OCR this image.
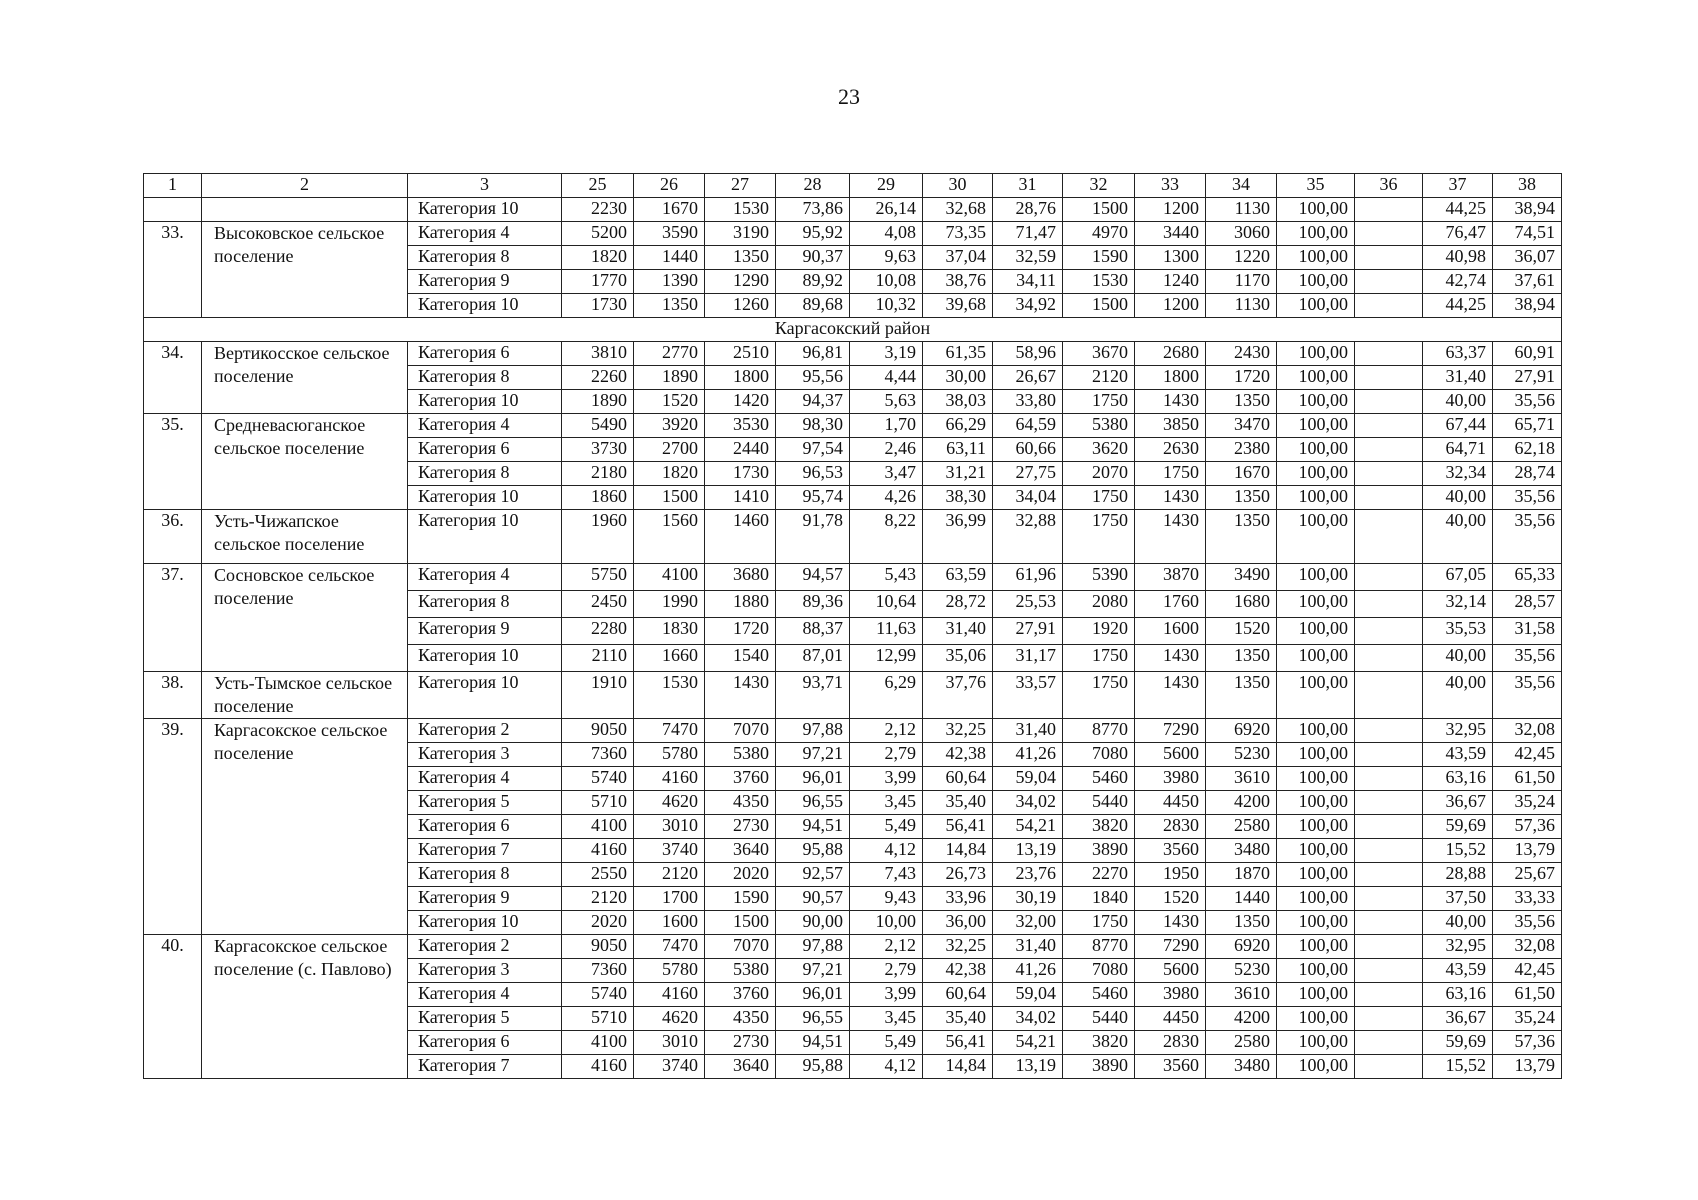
23
1	2	3	25	26	27	28	29	30	31	32	33	34	35	36	37	38
		Категория 10	2230	1670	1530	73,86	26,14	32,68	28,76	1500	1200	1130	100,00		44,25	38,94
33.	Высоковское сельское поселение	Категория 4	5200	3590	3190	95,92	4,08	73,35	71,47	4970	3440	3060	100,00		76,47	74,51
		Категория 8	1820	1440	1350	90,37	9,63	37,04	32,59	1590	1300	1220	100,00		40,98	36,07
		Категория 9	1770	1390	1290	89,92	10,08	38,76	34,11	1530	1240	1170	100,00		42,74	37,61
		Категория 10	1730	1350	1260	89,68	10,32	39,68	34,92	1500	1200	1130	100,00		44,25	38,94
Каргасокский район																
34.	Вертикосское сельское поселение	Категория 6	3810	2770	2510	96,81	3,19	61,35	58,96	3670	2680	2430	100,00		63,37	60,91
		Категория 8	2260	1890	1800	95,56	4,44	30,00	26,67	2120	1800	1720	100,00		31,40	27,91
		Категория 10	1890	1520	1420	94,37	5,63	38,03	33,80	1750	1430	1350	100,00		40,00	35,56
35.	Средневасюганское сельское поселение	Категория 4	5490	3920	3530	98,30	1,70	66,29	64,59	5380	3850	3470	100,00		67,44	65,71
		Категория 6	3730	2700	2440	97,54	2,46	63,11	60,66	3620	2630	2380	100,00		64,71	62,18
		Категория 8	2180	1820	1730	96,53	3,47	31,21	27,75	2070	1750	1670	100,00		32,34	28,74
		Категория 10	1860	1500	1410	95,74	4,26	38,30	34,04	1750	1430	1350	100,00		40,00	35,56
36.	Усть-Чижапское сельское поселение	Категория 10	1960	1560	1460	91,78	8,22	36,99	32,88	1750	1430	1350	100,00		40,00	35,56
37.	Сосновское сельское поселение	Категория 4	5750	4100	3680	94,57	5,43	63,59	61,96	5390	3870	3490	100,00		67,05	65,33
		Категория 8	2450	1990	1880	89,36	10,64	28,72	25,53	2080	1760	1680	100,00		32,14	28,57
		Категория 9	2280	1830	1720	88,37	11,63	31,40	27,91	1920	1600	1520	100,00		35,53	31,58
		Категория 10	2110	1660	1540	87,01	12,99	35,06	31,17	1750	1430	1350	100,00		40,00	35,56
38.	Усть-Тымское сельское поселение	Категория 10	1910	1530	1430	93,71	6,29	37,76	33,57	1750	1430	1350	100,00		40,00	35,56
39.	Каргасокское сельское поселение	Категория 2	9050	7470	7070	97,88	2,12	32,25	31,40	8770	7290	6920	100,00		32,95	32,08
		Категория 3	7360	5780	5380	97,21	2,79	42,38	41,26	7080	5600	5230	100,00		43,59	42,45
		Категория 4	5740	4160	3760	96,01	3,99	60,64	59,04	5460	3980	3610	100,00		63,16	61,50
		Категория 5	5710	4620	4350	96,55	3,45	35,40	34,02	5440	4450	4200	100,00		36,67	35,24
		Категория 6	4100	3010	2730	94,51	5,49	56,41	54,21	3820	2830	2580	100,00		59,69	57,36
		Категория 7	4160	3740	3640	95,88	4,12	14,84	13,19	3890	3560	3480	100,00		15,52	13,79
		Категория 8	2550	2120	2020	92,57	7,43	26,73	23,76	2270	1950	1870	100,00		28,88	25,67
		Категория 9	2120	1700	1590	90,57	9,43	33,96	30,19	1840	1520	1440	100,00		37,50	33,33
		Категория 10	2020	1600	1500	90,00	10,00	36,00	32,00	1750	1430	1350	100,00		40,00	35,56
40.	Каргасокское сельское поселение (с. Павлово)	Категория 2	9050	7470	7070	97,88	2,12	32,25	31,40	8770	7290	6920	100,00		32,95	32,08
		Категория 3	7360	5780	5380	97,21	2,79	42,38	41,26	7080	5600	5230	100,00		43,59	42,45
		Категория 4	5740	4160	3760	96,01	3,99	60,64	59,04	5460	3980	3610	100,00		63,16	61,50
		Категория 5	5710	4620	4350	96,55	3,45	35,40	34,02	5440	4450	4200	100,00		36,67	35,24
		Категория 6	4100	3010	2730	94,51	5,49	56,41	54,21	3820	2830	2580	100,00		59,69	57,36
		Категория 7	4160	3740	3640	95,88	4,12	14,84	13,19	3890	3560	3480	100,00		15,52	13,79
